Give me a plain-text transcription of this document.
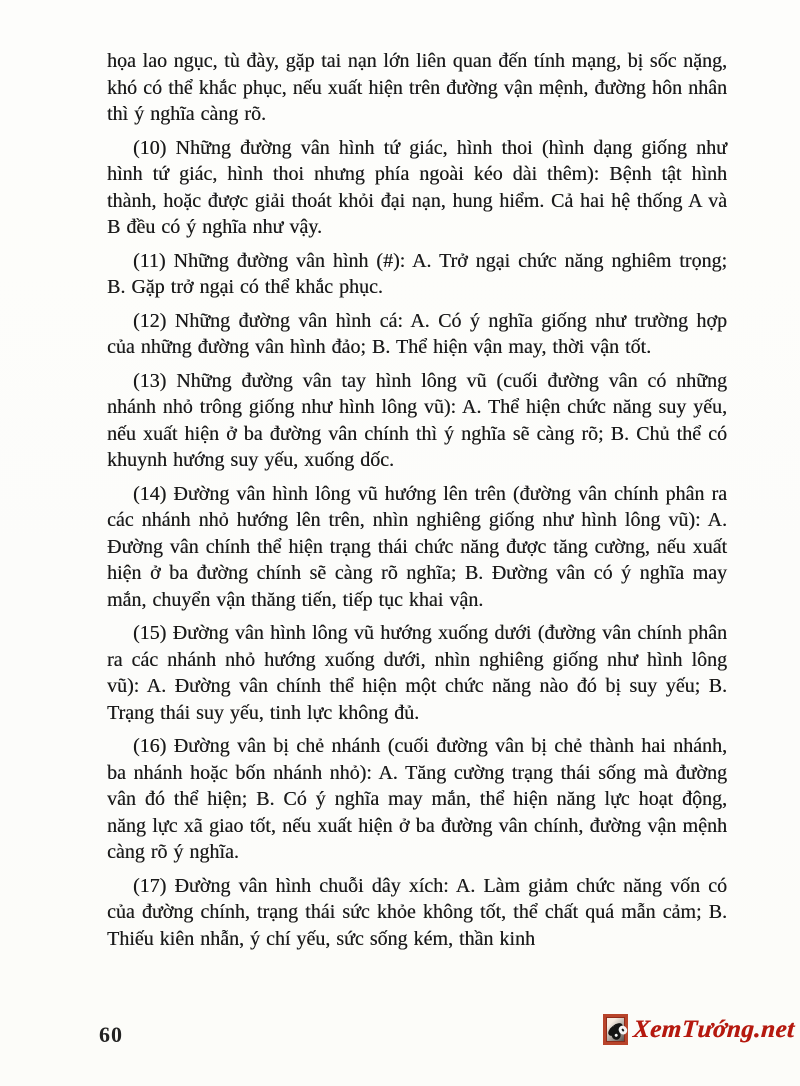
họa lao ngục, tù đày, gặp tai nạn lớn liên quan đến tính mạng, bị sốc nặng, khó có thể khắc phục, nếu xuất hiện trên đường vận mệnh, đường hôn nhân thì ý nghĩa càng rõ.

(10) Những đường vân hình tứ giác, hình thoi (hình dạng giống như hình tứ giác, hình thoi nhưng phía ngoài kéo dài thêm): Bệnh tật hình thành, hoặc được giải thoát khỏi đại nạn, hung hiểm. Cả hai hệ thống A và B đều có ý nghĩa như vậy.

(11) Những đường vân hình (#): A. Trở ngại chức năng nghiêm trọng; B. Gặp trở ngại có thể khắc phục.

(12) Những đường vân hình cá: A. Có ý nghĩa giống như trường hợp của những đường vân hình đảo; B. Thể hiện vận may, thời vận tốt.

(13) Những đường vân tay hình lông vũ (cuối đường vân có những nhánh nhỏ trông giống như hình lông vũ): A. Thể hiện chức năng suy yếu, nếu xuất hiện ở ba đường vân chính thì ý nghĩa sẽ càng rõ; B. Chủ thể có khuynh hướng suy yếu, xuống dốc.

(14) Đường vân hình lông vũ hướng lên trên (đường vân chính phân ra các nhánh nhỏ hướng lên trên, nhìn nghiêng giống như hình lông vũ): A. Đường vân chính thể hiện trạng thái chức năng được tăng cường, nếu xuất hiện ở ba đường chính sẽ càng rõ nghĩa; B. Đường vân có ý nghĩa may mắn, chuyển vận thăng tiến, tiếp tục khai vận.

(15) Đường vân hình lông vũ hướng xuống dưới (đường vân chính phân ra các nhánh nhỏ hướng xuống dưới, nhìn nghiêng giống như hình lông vũ): A. Đường vân chính thể hiện một chức năng nào đó bị suy yếu; B. Trạng thái suy yếu, tinh lực không đủ.

(16) Đường vân bị chẻ nhánh (cuối đường vân bị chẻ thành hai nhánh, ba nhánh hoặc bốn nhánh nhỏ): A. Tăng cường trạng thái sống mà đường vân đó thể hiện; B. Có ý nghĩa may mắn, thể hiện năng lực hoạt động, năng lực xã giao tốt, nếu xuất hiện ở ba đường vân chính, đường vận mệnh càng rõ ý nghĩa.

(17) Đường vân hình chuỗi dây xích: A. Làm giảm chức năng vốn có của đường chính, trạng thái sức khỏe không tốt, thể chất quá mẫn cảm; B. Thiếu kiên nhẫn, ý chí yếu, sức sống kém, thần kinh

60	XemTướng.net
